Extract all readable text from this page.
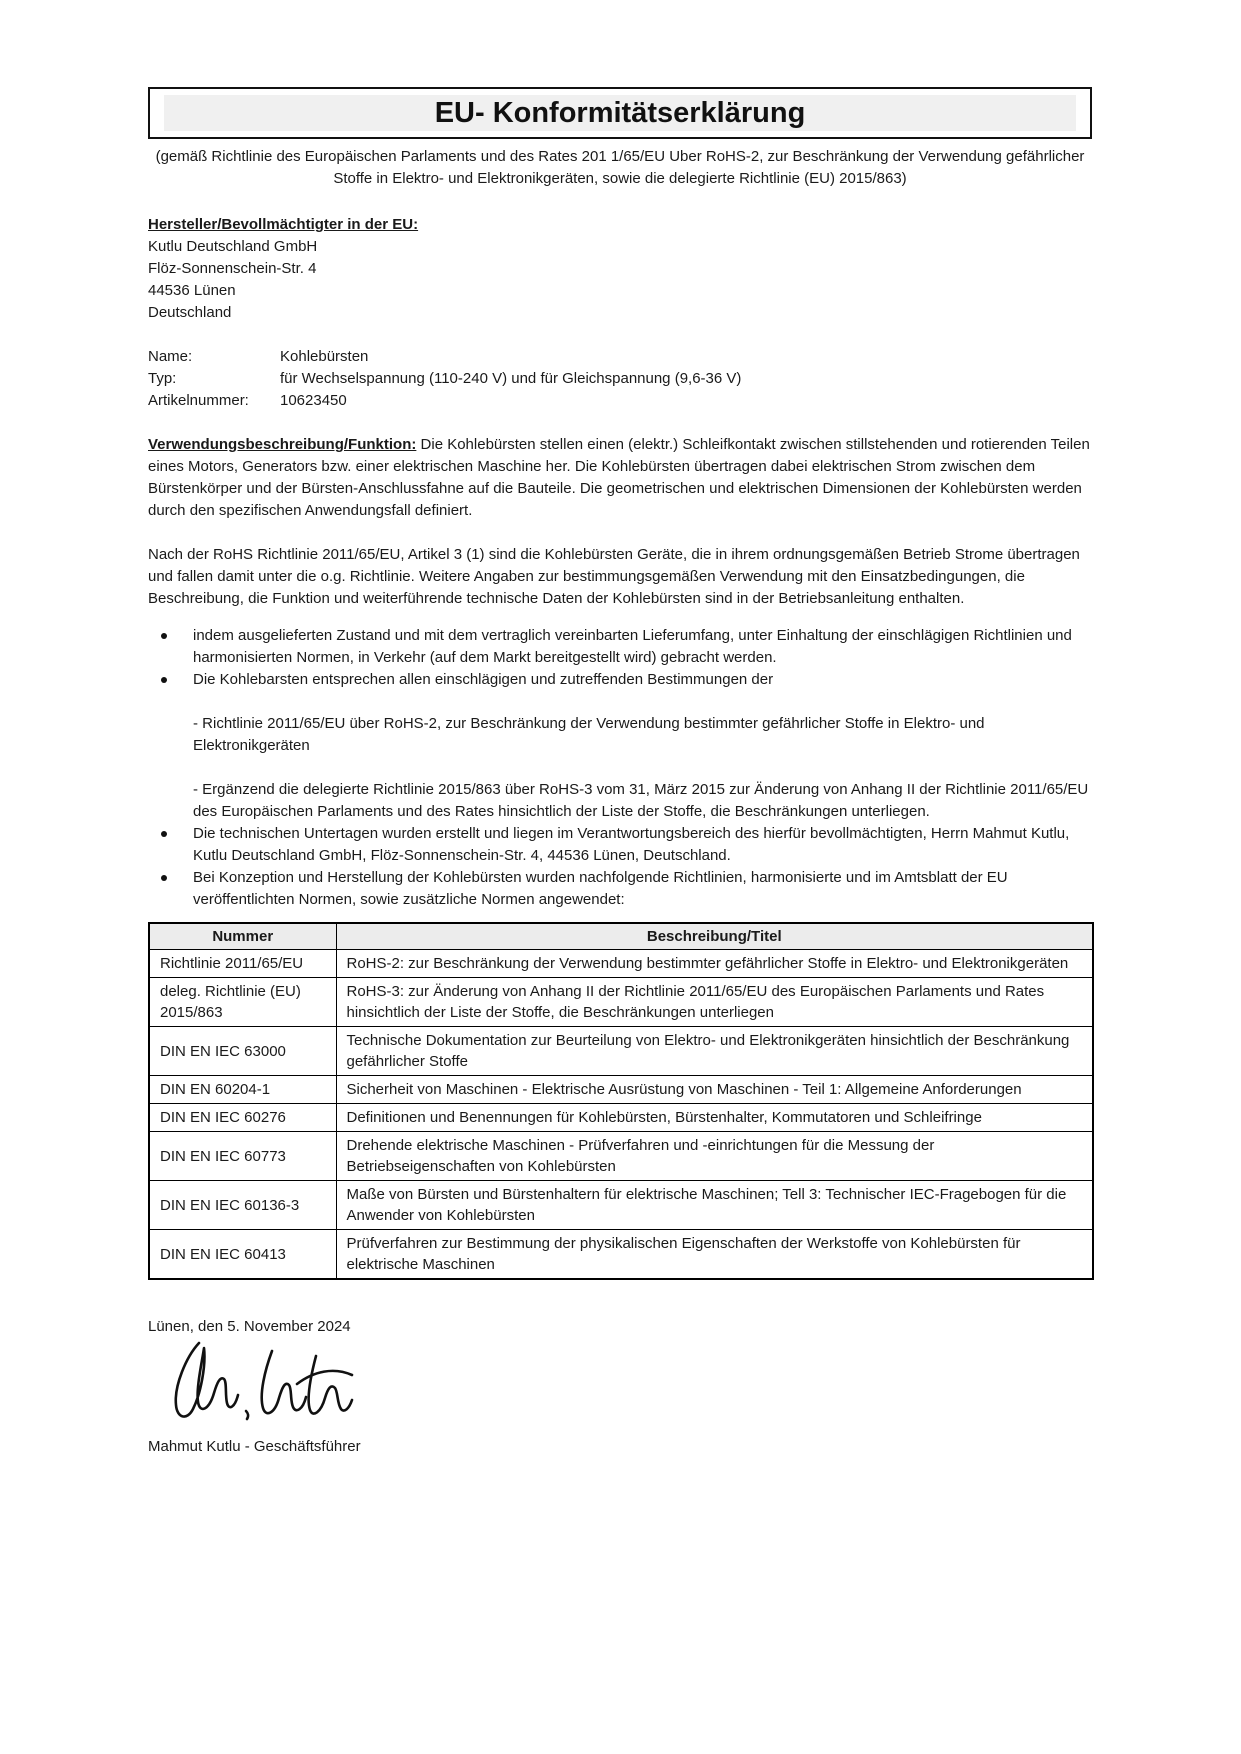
EU- Konformitätserklärung
(gemäß Richtlinie des Europäischen Parlaments und des Rates 201 1/65/EU Uber RoHS-2, zur Beschränkung der Verwendung gefährlicher Stoffe in Elektro- und Elektronikgeräten, sowie die delegierte Richtlinie (EU) 2015/863)
Hersteller/Bevollmächtigter in der EU:

Kutlu Deutschland GmbH

Flöz-Sonnenschein-Str. 4

44536 Lünen

Deutschland

Name:	Kohlebürsten
Typ:	für Wechselspannung (110-240 V) und für Gleichspannung (9,6-36 V)
Artikelnummer:	10623450

Verwendungsbeschreibung/Funktion: Die Kohlebürsten stellen einen (elektr.) Schleifkontakt zwischen stillstehenden und rotierenden Teilen eines Motors, Generators bzw. einer elektrischen Maschine her. Die Kohlebürsten übertragen dabei elektrischen Strom zwischen dem Bürstenkörper und der Bürsten-Anschlussfahne auf die Bauteile. Die geometrischen und elektrischen Dimensionen der Kohlebürsten werden durch den spezifischen Anwendungsfall definiert.

Nach der RoHS Richtlinie 2011/65/EU, Artikel 3 (1) sind die Kohlebürsten Geräte, die in ihrem ordnungsgemäßen Betrieb Strome übertragen und fallen damit unter die o.g. Richtlinie. Weitere Angaben zur bestimmungsgemäßen Verwendung mit den Einsatzbedingungen, die Beschreibung, die Funktion und weiterführende technische Daten der Kohlebürsten sind in der Betriebsanleitung enthalten.

indem ausgelieferten Zustand und mit dem vertraglich vereinbarten Lieferumfang, unter Einhaltung der einschlägigen Richtlinien und harmonisierten Normen, in Verkehr (auf dem Markt bereitgestellt wird) gebracht werden.
Die Kohlebarsten entsprechen allen einschlägigen und zutreffenden Bestimmungen der
- Richtlinie 2011/65/EU über RoHS-2, zur Beschränkung der Verwendung bestimmter gefährlicher Stoffe in Elektro- und Elektronikgeräten
- Ergänzend die delegierte Richtlinie 2015/863 über RoHS-3 vom 31, März 2015 zur Änderung von Anhang II der Richtlinie 2011/65/EU des Europäischen Parlaments und des Rates hinsichtlich der Liste der Stoffe, die Beschränkungen unterliegen.
Die technischen Untertagen wurden erstellt und liegen im Verantwortungsbereich des hierfür bevollmächtigten, Herrn Mahmut Kutlu, Kutlu Deutschland GmbH, Flöz-Sonnenschein-Str. 4, 44536 Lünen, Deutschland.
Bei Konzeption und Herstellung der Kohlebürsten wurden nachfolgende Richtlinien, harmonisierte und im Amtsblatt der EU veröffentlichten Normen, sowie zusätzliche Normen angewendet:
Nummer	Beschreibung/Titel
Richtlinie 2011/65/EU	RoHS-2: zur Beschränkung der Verwendung bestimmter gefährlicher Stoffe in Elektro- und Elektronikgeräten
deleg. Richtlinie (EU) 2015/863	RoHS-3: zur Änderung von Anhang II der Richtlinie 2011/65/EU des Europäischen Parlaments und Rates hinsichtlich der Liste der Stoffe, die Beschränkungen unterliegen
DIN EN IEC 63000	Technische Dokumentation zur Beurteilung von Elektro- und Elektronikgeräten hinsichtlich der Beschränkung gefährlicher Stoffe
DIN EN 60204-1	Sicherheit von Maschinen - Elektrische Ausrüstung von Maschinen - Teil 1: Allgemeine Anforderungen
DIN EN IEC 60276	Definitionen und Benennungen für Kohlebürsten, Bürstenhalter, Kommutatoren und Schleifringe
DIN EN IEC 60773	Drehende elektrische Maschinen - Prüfverfahren und -einrichtungen für die Messung der Betriebseigenschaften von Kohlebürsten
DIN EN IEC 60136-3	Maße von Bürsten und Bürstenhaltern für elektrische Maschinen; Tell 3: Technischer IEC-Fragebogen für die Anwender von Kohlebürsten
DIN EN IEC 60413	Prüfverfahren zur Bestimmung der physikalischen Eigenschaften der Werkstoffe von Kohlebürsten für elektrische Maschinen

Lünen, den 5. November 2024

Mahmut Kutlu - Geschäftsführer
